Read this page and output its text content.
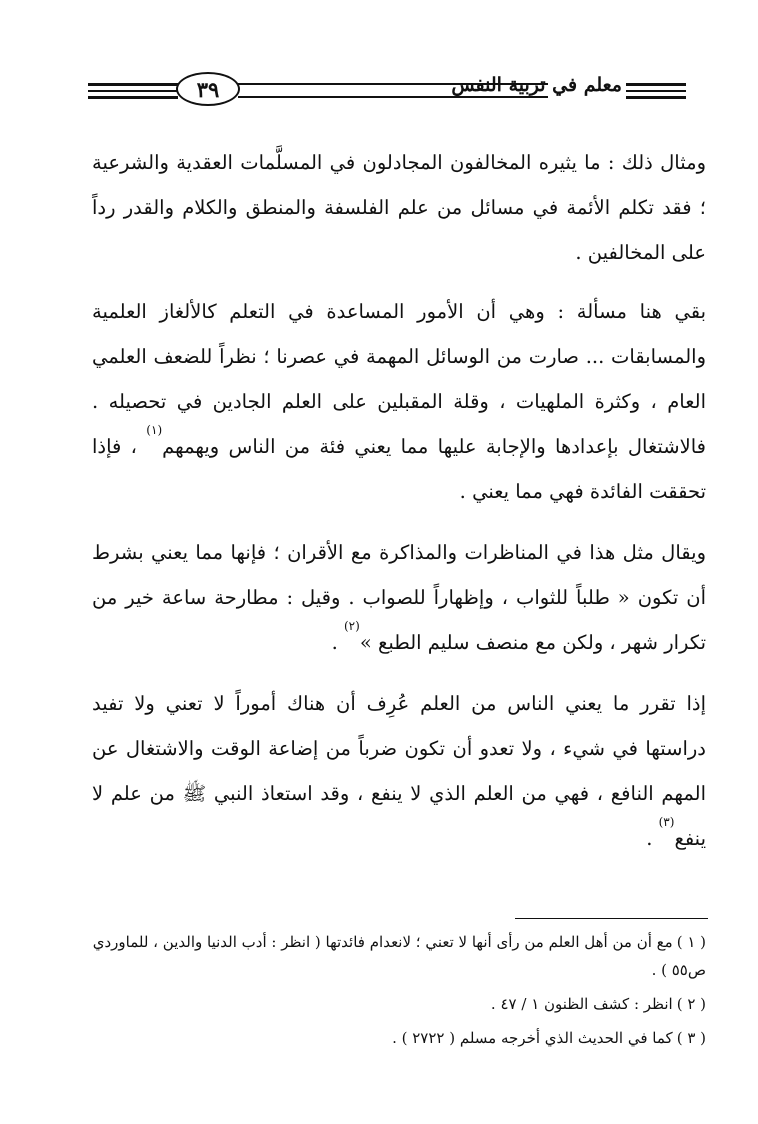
٣٩	معلم في تربية النفس

ومثال ذلك : ما يثيره المخالفون المجادلون في المسلَّمات العقدية والشرعية ؛ فقد تكلم الأئمة في مسائل من علم الفلسفة والمنطق والكلام والقدر رداً على المخالفين .

بقي هنا مسألة : وهي أن الأمور المساعدة في التعلم كالألغاز العلمية والمسابقات ... صارت من الوسائل المهمة في عصرنا ؛ نظراً للضعف العلمي العام ، وكثرة الملهيات ، وقلة المقبلين على العلم الجادين في تحصيله . فالاشتغال بإعدادها والإجابة عليها مما يعني فئة من الناس ويهمهم$^{(١)}$ ، فإذا تحققت الفائدة فهي مما يعني .

ويقال مثل هذا في المناظرات والمذاكرة مع الأقران ؛ فإنها مما يعني بشرط أن تكون « طلباً للثواب ، وإظهاراً للصواب . وقيل : مطارحة ساعة خير من تكرار شهر ، ولكن مع منصف سليم الطبع »$^{(٢)}$ .

إذا تقرر ما يعني الناس من العلم عُرِف أن هناك أموراً لا تعني ولا تفيد دراستها في شيء ، ولا تعدو أن تكون ضرباً من إضاعة الوقت والاشتغال عن المهم النافع ، فهي من العلم الذي لا ينفع ، وقد استعاذ النبي ﷺ من علم لا ينفع$^{(٣)}$ .

( ١ )مع أن من أهل العلم من رأى أنها لا تعني ؛ لانعدام فائدتها ( انظر : أدب الدنيا والدين ، للماوردي ص٥٥ ) .

( ٢ )انظر : كشف الظنون ١ / ٤٧ .

( ٣ )كما في الحديث الذي أخرجه مسلم ( ٢٧٢٢ ) .
